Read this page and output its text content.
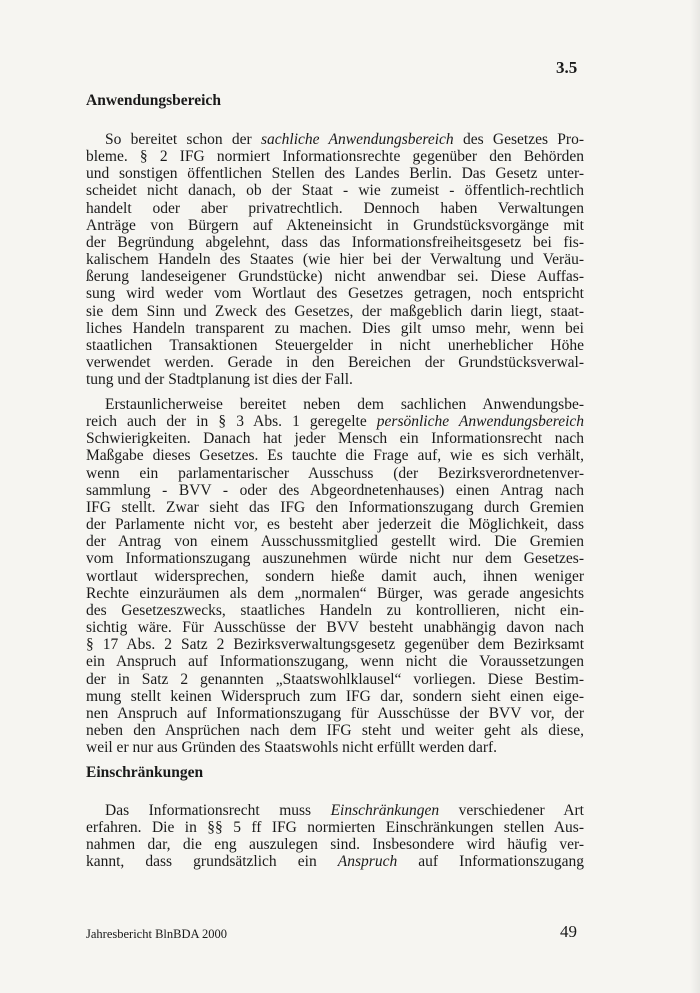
3.5
Anwendungsbereich
So bereitet schon der sachliche Anwendungsbereich des Gesetzes Pro-
bleme. § 2 IFG normiert Informationsrechte gegenüber den Behörden
und sonstigen öffentlichen Stellen des Landes Berlin. Das Gesetz unter-
scheidet nicht danach, ob der Staat - wie zumeist - öffentlich-rechtlich
handelt oder aber privatrechtlich. Dennoch haben Verwaltungen
Anträge von Bürgern auf Akteneinsicht in Grundstücksvorgänge mit
der Begründung abgelehnt, dass das Informationsfreiheitsgesetz bei fis-
kalischem Handeln des Staates (wie hier bei der Verwaltung und Veräu-
ßerung landeseigener Grundstücke) nicht anwendbar sei. Diese Auffas-
sung wird weder vom Wortlaut des Gesetzes getragen, noch entspricht
sie dem Sinn und Zweck des Gesetzes, der maßgeblich darin liegt, staat-
liches Handeln transparent zu machen. Dies gilt umso mehr, wenn bei
staatlichen Transaktionen Steuergelder in nicht unerheblicher Höhe
verwendet werden. Gerade in den Bereichen der Grundstücksverwal-
tung und der Stadtplanung ist dies der Fall.
Erstaunlicherweise bereitet neben dem sachlichen Anwendungsbe-
reich auch der in § 3 Abs. 1 geregelte persönliche Anwendungsbereich
Schwierigkeiten. Danach hat jeder Mensch ein Informationsrecht nach
Maßgabe dieses Gesetzes. Es tauchte die Frage auf, wie es sich verhält,
wenn ein parlamentarischer Ausschuss (der Bezirksverordnetenver-
sammlung - BVV - oder des Abgeordnetenhauses) einen Antrag nach
IFG stellt. Zwar sieht das IFG den Informationszugang durch Gremien
der Parlamente nicht vor, es besteht aber jederzeit die Möglichkeit, dass
der Antrag von einem Ausschussmitglied gestellt wird. Die Gremien
vom Informationszugang auszunehmen würde nicht nur dem Gesetzes-
wortlaut widersprechen, sondern hieße damit auch, ihnen weniger
Rechte einzuräumen als dem „normalen“ Bürger, was gerade angesichts
des Gesetzeszwecks, staatliches Handeln zu kontrollieren, nicht ein-
sichtig wäre. Für Ausschüsse der BVV besteht unabhängig davon nach
§ 17 Abs. 2 Satz 2 Bezirksverwaltungsgesetz gegenüber dem Bezirksamt
ein Anspruch auf Informationszugang, wenn nicht die Voraussetzungen
der in Satz 2 genannten „Staatswohlklausel“ vorliegen. Diese Bestim-
mung stellt keinen Widerspruch zum IFG dar, sondern sieht einen eige-
nen Anspruch auf Informationszugang für Ausschüsse der BVV vor, der
neben den Ansprüchen nach dem IFG steht und weiter geht als diese,
weil er nur aus Gründen des Staatswohls nicht erfüllt werden darf.
Einschränkungen
Das Informationsrecht muss Einschränkungen verschiedener Art
erfahren. Die in §§ 5 ff IFG normierten Einschränkungen stellen Aus-
nahmen dar, die eng auszulegen sind. Insbesondere wird häufig ver-
kannt, dass grundsätzlich ein Anspruch auf Informationszugang
Jahresbericht BlnBDA 2000	49
